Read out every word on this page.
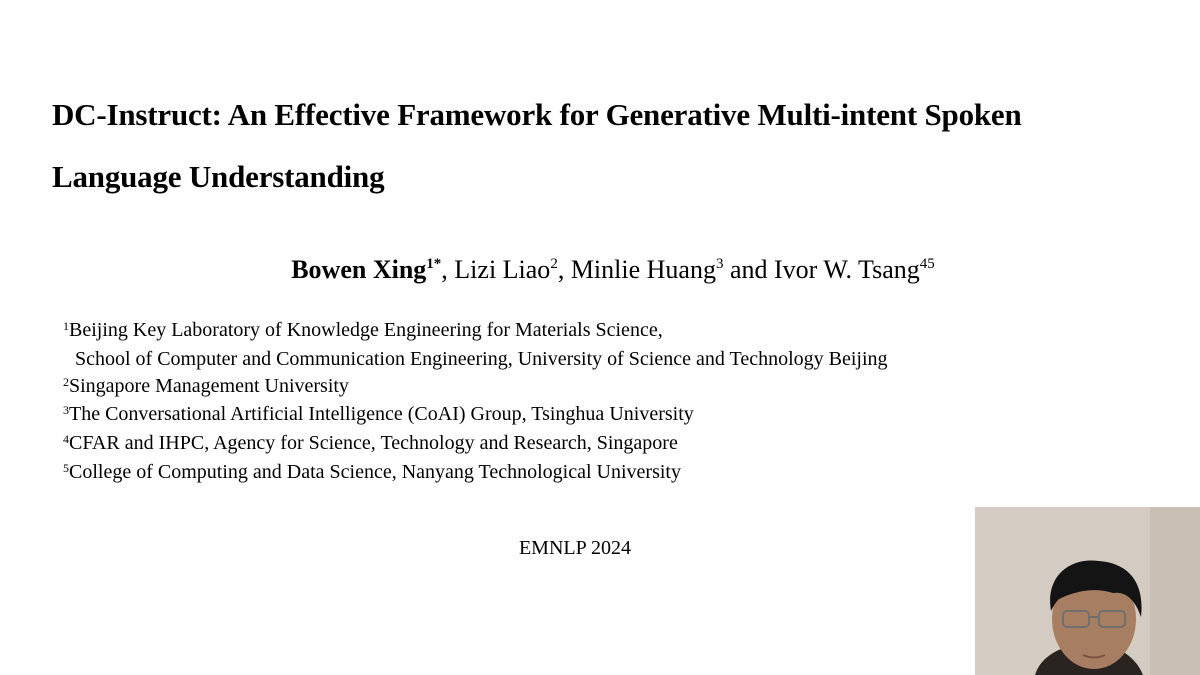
DC-Instruct: An Effective Framework for Generative Multi-intent Spoken
Language Understanding
Bowen Xing$^{1*}$, Lizi Liao$^2$, Minlie Huang$^3$ and Ivor W. Tsang$^{45}$
$^1$Beijing Key Laboratory of Knowledge Engineering for Materials Science,
School of Computer and Communication Engineering, University of Science and Technology Beijing
$^2$Singapore Management University
$^3$The Conversational Artificial Intelligence (CoAI) Group, Tsinghua University
$^4$CFAR and IHPC, Agency for Science, Technology and Research, Singapore
$^5$College of Computing and Data Science, Nanyang Technological University
EMNLP 2024
